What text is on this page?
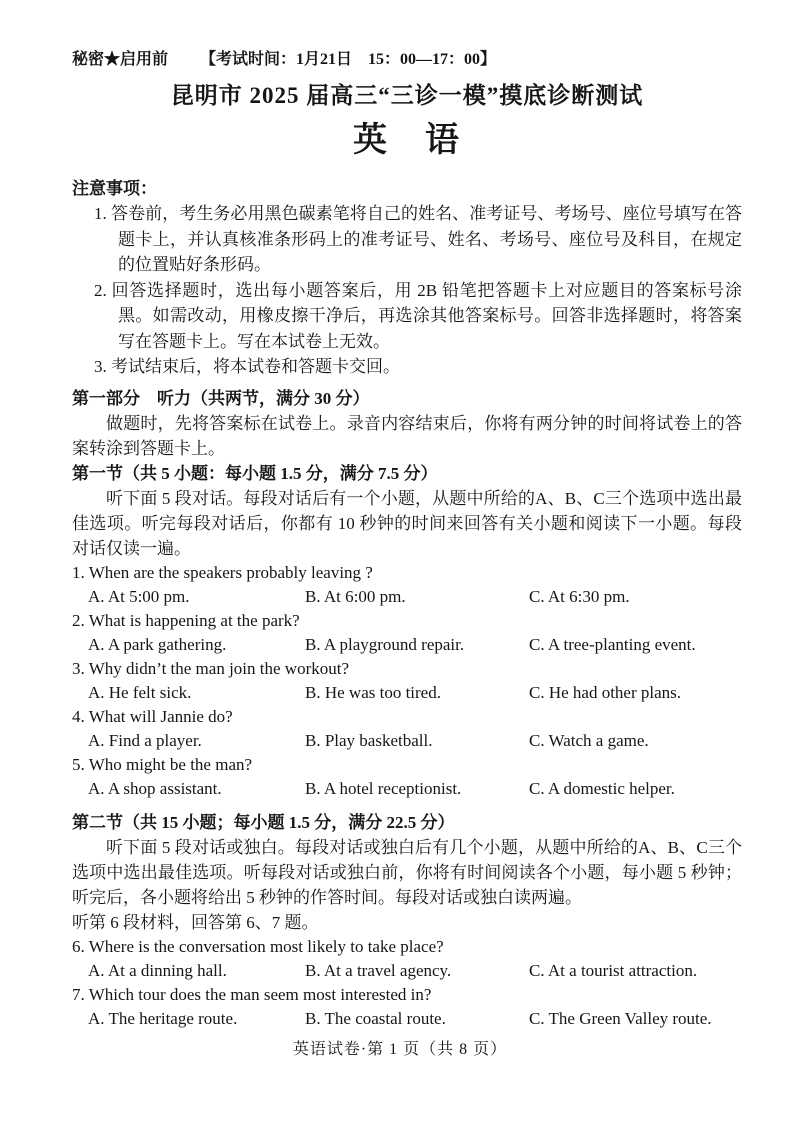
秘密★启用前 【考试时间：1月21日　15：00—17：00】
昆明市 2025 届高三“三诊一模”摸底诊断测试
英　语
注意事项：
1. 答卷前，考生务必用黑色碳素笔将自己的姓名、准考证号、考场号、座位号填写在答题卡上，并认真核准条形码上的准考证号、姓名、考场号、座位号及科目，在规定的位置贴好条形码。
2. 回答选择题时，选出每小题答案后，用 2B 铅笔把答题卡上对应题目的答案标号涂黑。如需改动，用橡皮擦干净后，再选涂其他答案标号。回答非选择题时，将答案写在答题卡上。写在本试卷上无效。
3. 考试结束后，将本试卷和答题卡交回。
第一部分　听力（共两节，满分 30 分）
做题时，先将答案标在试卷上。录音内容结束后，你将有两分钟的时间将试卷上的答案转涂到答题卡上。
第一节（共 5 小题：每小题 1.5 分，满分 7.5 分）
听下面 5 段对话。每段对话后有一个小题，从题中所给的A、B、C三个选项中选出最佳选项。听完每段对话后，你都有 10 秒钟的时间来回答有关小题和阅读下一小题。每段对话仅读一遍。
1. When are the speakers probably leaving ?
A. At 5:00 pm.	B. At 6:00 pm.	C. At 6:30 pm.
2. What is happening at the park?
A. A park gathering.	B. A playground repair.	C. A tree-planting event.
3. Why didn’t the man join the workout?
A. He felt sick.	B. He was too tired.	C. He had other plans.
4. What will Jannie do?
A. Find a player.	B. Play basketball.	C. Watch a game.
5. Who might be the man?
A. A shop assistant.	B. A hotel receptionist.	C. A domestic helper.
第二节（共 15 小题；每小题 1.5 分，满分 22.5 分）
听下面 5 段对话或独白。每段对话或独白后有几个小题，从题中所给的A、B、C三个选项中选出最佳选项。听每段对话或独白前，你将有时间阅读各个小题，每小题 5 秒钟；听完后，各小题将给出 5 秒钟的作答时间。每段对话或独白读两遍。
听第 6 段材料，回答第 6、7 题。
6. Where is the conversation most likely to take place?
A. At a dinning hall.	B. At a travel agency.	C. At a tourist attraction.
7. Which tour does the man seem most interested in?
A. The heritage route.	B. The coastal route.	C. The Green Valley route.
英语试卷·第 1 页（共 8 页）
